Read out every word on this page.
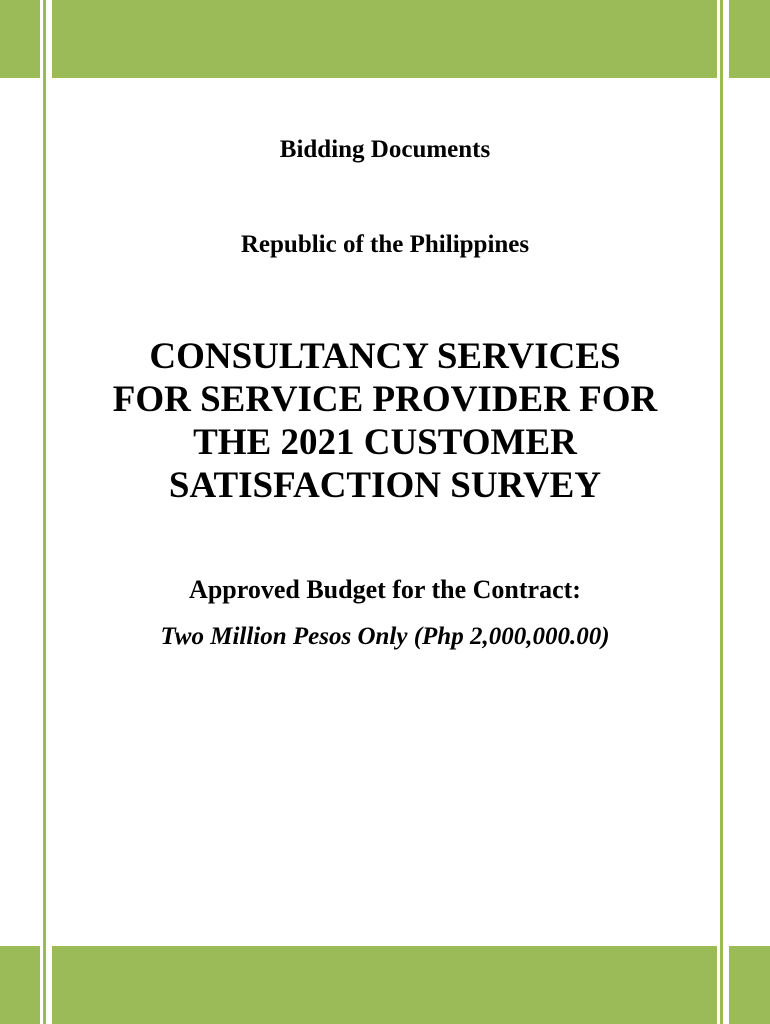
Bidding Documents
Republic of the Philippines
CONSULTANCY SERVICES
FOR SERVICE PROVIDER FOR
THE 2021 CUSTOMER
SATISFACTION SURVEY
Approved Budget for the Contract:
Two Million Pesos Only (Php 2,000,000.00)
